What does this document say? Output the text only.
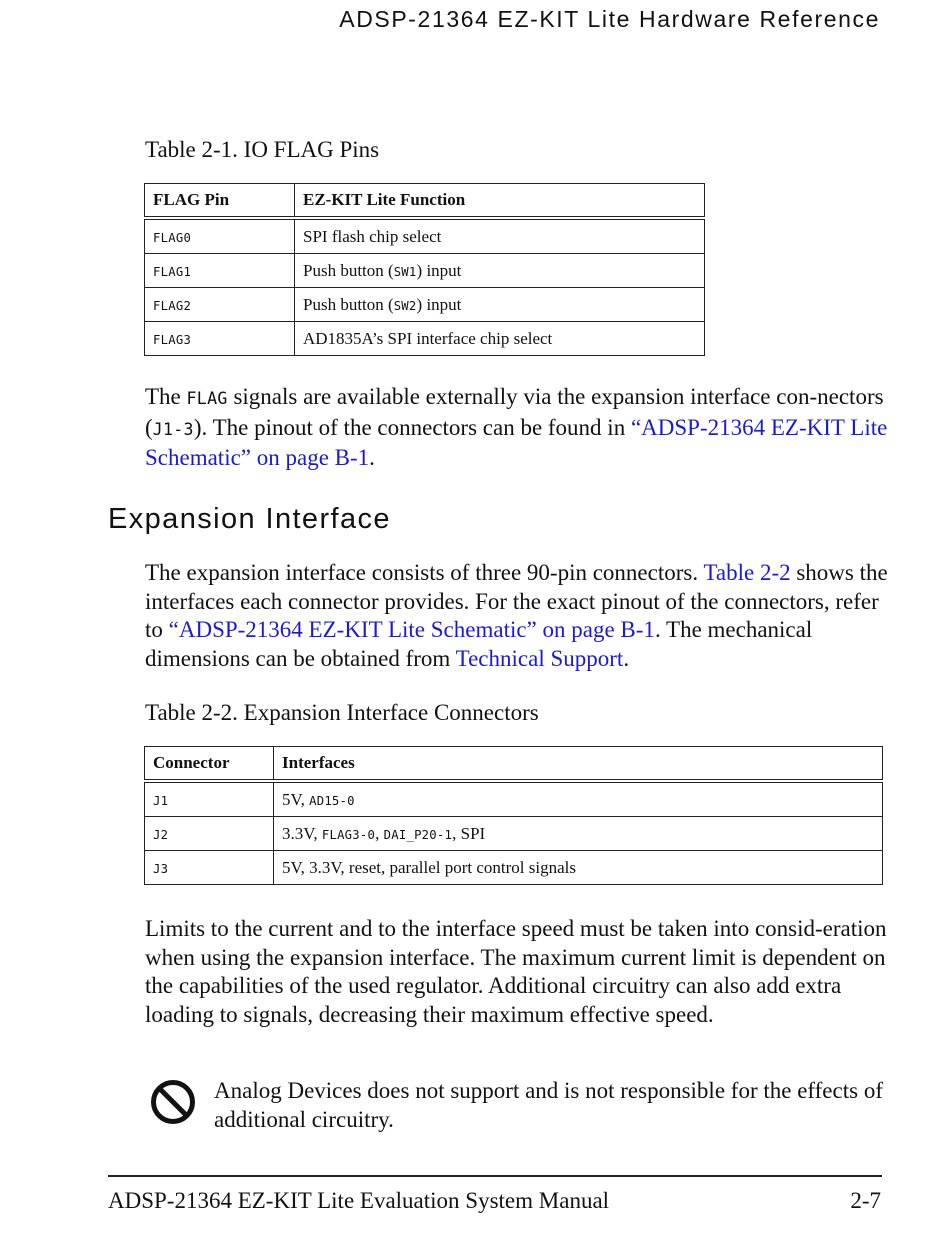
ADSP-21364 EZ-KIT Lite Hardware Reference
Table 2-1. IO FLAG Pins
FLAG Pin	EZ-KIT Lite Function
FLAG0	SPI flash chip select
FLAG1	Push button (SW1) input
FLAG2	Push button (SW2) input
FLAG3	AD1835A’s SPI interface chip select

The FLAG signals are available externally via the expansion interface con-nectors (J1-3). The pinout of the connectors can be found in “ADSP-21364 EZ-KIT Lite Schematic” on page B-1.

Expansion Interface

The expansion interface consists of three 90-pin connectors. Table 2-2 shows the interfaces each connector provides. For the exact pinout of the connectors, refer to “ADSP-21364 EZ-KIT Lite Schematic” on page B-1. The mechanical dimensions can be obtained from Technical Support.

Table 2-2. Expansion Interface Connectors
Connector	Interfaces
J1	5V, AD15-0
J2	3.3V, FLAG3-0, DAI_P20-1, SPI
J3	5V, 3.3V, reset, parallel port control signals

Limits to the current and to the interface speed must be taken into consid-eration when using the expansion interface. The maximum current limit is dependent on the capabilities of the used regulator. Additional circuitry can also add extra loading to signals, decreasing their maximum effective speed.

Analog Devices does not support and is not responsible for the effects of additional circuitry.

ADSP-21364 EZ-KIT Lite Evaluation System Manual	2-7
